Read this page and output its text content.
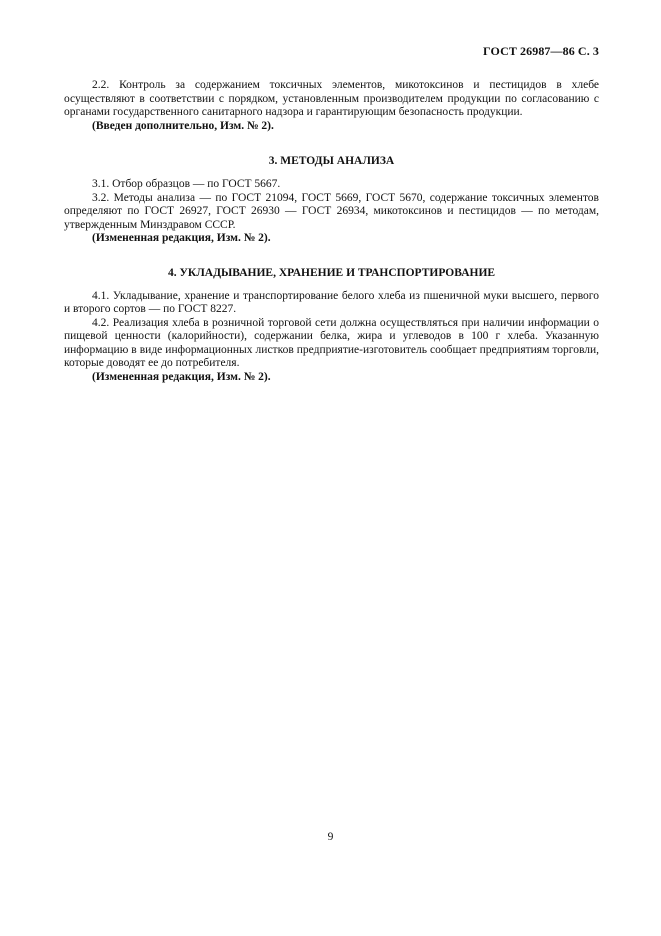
ГОСТ 26987—86 С. 3

2.2. Контроль за содержанием токсичных элементов, микотоксинов и пестицидов в хлебе осуществляют в соответствии с порядком, установленным производителем продукции по согласованию с органами государственного санитарного надзора и гарантирующим безопасность продукции.

(Введен дополнительно, Изм. № 2).

3. МЕТОДЫ АНАЛИЗА

3.1. Отбор образцов — по ГОСТ 5667.

3.2. Методы анализа — по ГОСТ 21094, ГОСТ 5669, ГОСТ 5670, содержание токсичных элементов определяют по ГОСТ 26927, ГОСТ 26930 — ГОСТ 26934, микотоксинов и пестицидов — по методам, утвержденным Минздравом СССР.

(Измененная редакция, Изм. № 2).

4. УКЛАДЫВАНИЕ, ХРАНЕНИЕ И ТРАНСПОРТИРОВАНИЕ

4.1. Укладывание, хранение и транспортирование белого хлеба из пшеничной муки высшего, первого и второго сортов — по ГОСТ 8227.

4.2. Реализация хлеба в розничной торговой сети должна осуществляться при наличии информации о пищевой ценности (калорийности), содержании белка, жира и углеводов в 100 г хлеба. Указанную информацию в виде информационных листков предприятие-изготовитель сообщает предприятиям торговли, которые доводят ее до потребителя.

(Измененная редакция, Изм. № 2).

9
